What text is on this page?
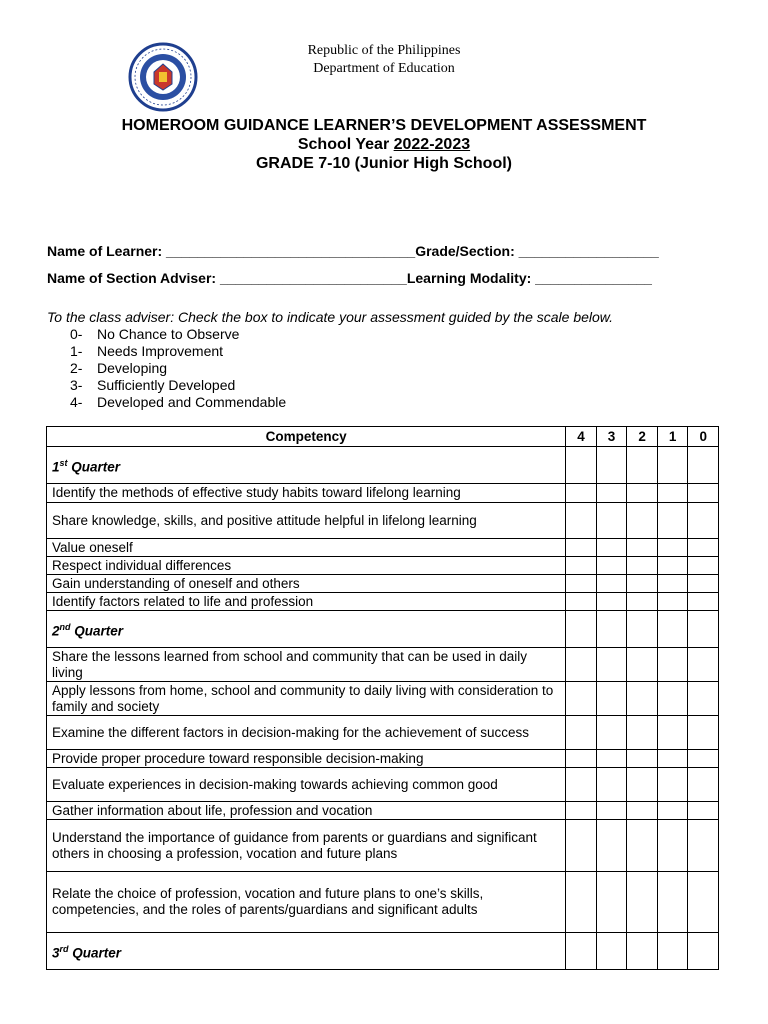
Republic of the Philippines
Department of Education
HOMEROOM GUIDANCE LEARNER’S DEVELOPMENT ASSESSMENT
School Year 2022-2023
GRADE 7-10 (Junior High School)
Name of Learner: ________________________________Grade/Section: __________________
Name of Section Adviser: ________________________Learning Modality: _______________
To the class adviser: Check the box to indicate your assessment guided by the scale below.
0-	No Chance to Observe
1-	Needs Improvement
2-	Developing
3-	Sufficiently Developed
4-	Developed and Commendable
Competency	4	3	2	1	0
1st Quarter					
Identify the methods of effective study habits toward lifelong learning					
Share knowledge, skills, and positive attitude helpful in lifelong learning					
Value oneself					
Respect individual differences					
Gain understanding of oneself and others					
Identify factors related to life and profession					
2nd Quarter					
Share the lessons learned from school and community that can be used in daily living					
Apply lessons from home, school and community to daily living with consideration to family and society					
Examine the different factors in decision-making for the achievement of success					
Provide proper procedure toward responsible decision-making					
Evaluate experiences in decision-making towards achieving common good					
Gather information about life, profession and vocation					
Understand the importance of guidance from parents or guardians and significant others in choosing a profession, vocation and future plans					
Relate the choice of profession, vocation and future plans to one’s skills, competencies, and the roles of parents/guardians and significant adults					
3rd Quarter					
